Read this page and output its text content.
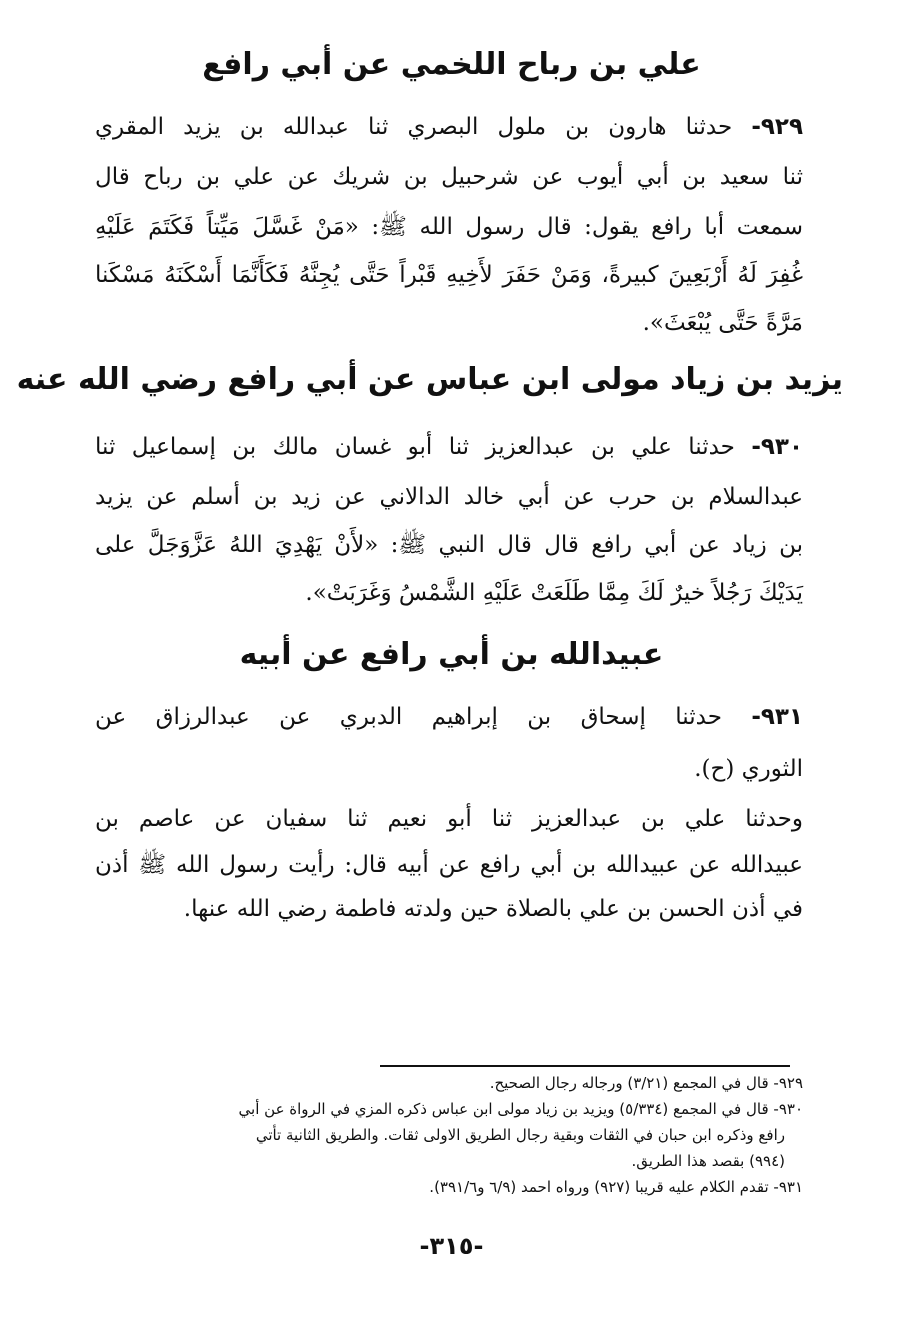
علي بن رباح اللخمي عن أبي رافع
٩٢٩- حدثنا هارون بن ملول البصري ثنا عبدالله بن يزيد المقري
ثنا سعيد بن أبي أيوب عن شرحبيل بن شريك عن علي بن رباح قال
سمعت أبا رافع يقول: قال رسول الله ﷺ: «مَنْ غَسَّلَ مَيِّتاً فَكَتَمَ عَلَيْهِ
غُفِرَ لَهُ أَرْبَعِينَ كبيرةً، وَمَنْ حَفَرَ لأَخِيهِ قَبْراً حَتَّى يُجِنَّهُ فَكَأَنَّمَا أَسْكَنَهُ مَسْكَنا
مَرَّةً حَتَّى يُبْعَثَ».
يزيد بن زياد مولى ابن عباس عن أبي رافع رضي الله عنه
٩٣٠- حدثنا علي بن عبدالعزيز ثنا أبو غسان مالك بن إسماعيل ثنا
عبدالسلام بن حرب عن أبي خالد الدالاني عن زيد بن أسلم عن يزيد
بن زياد عن أبي رافع قال قال النبي ﷺ: «لأَنْ يَهْدِيَ اللهُ عَزَّوَجَلَّ على
يَدَيْكَ رَجُلاً خيرٌ لَكَ مِمَّا طَلَعَتْ عَلَيْهِ الشَّمْسُ وَغَرَبَتْ».
عبيدالله بن أبي رافع عن أبيه
٩٣١- حدثنا إسحاق بن إبراهيم الدبري عن عبدالرزاق عن
الثوري (ح).
وحدثنا علي بن عبدالعزيز ثنا أبو نعيم ثنا سفيان عن عاصم بن
عبيدالله عن عبيدالله بن أبي رافع عن أبيه قال: رأيت رسول الله ﷺ أذن
في أذن الحسن بن علي بالصلاة حين ولدته فاطمة رضي الله عنها.
٩٢٩- قال في المجمع (٣/٢١) ورجاله رجال الصحيح.
٩٣٠- قال في المجمع (٥/٣٣٤) ويزيد بن زياد مولى ابن عباس ذكره المزي في الرواة عن أبي
رافع وذكره ابن حبان في الثقات وبقية رجال الطريق الاولى ثقات. والطريق الثانية تأتي
(٩٩٤) بقصد هذا الطريق.
٩٣١- تقدم الكلام عليه قريبا (٩٢٧) ورواه احمد (٦/٩ و٣٩١/٦).
-٣١٥-
